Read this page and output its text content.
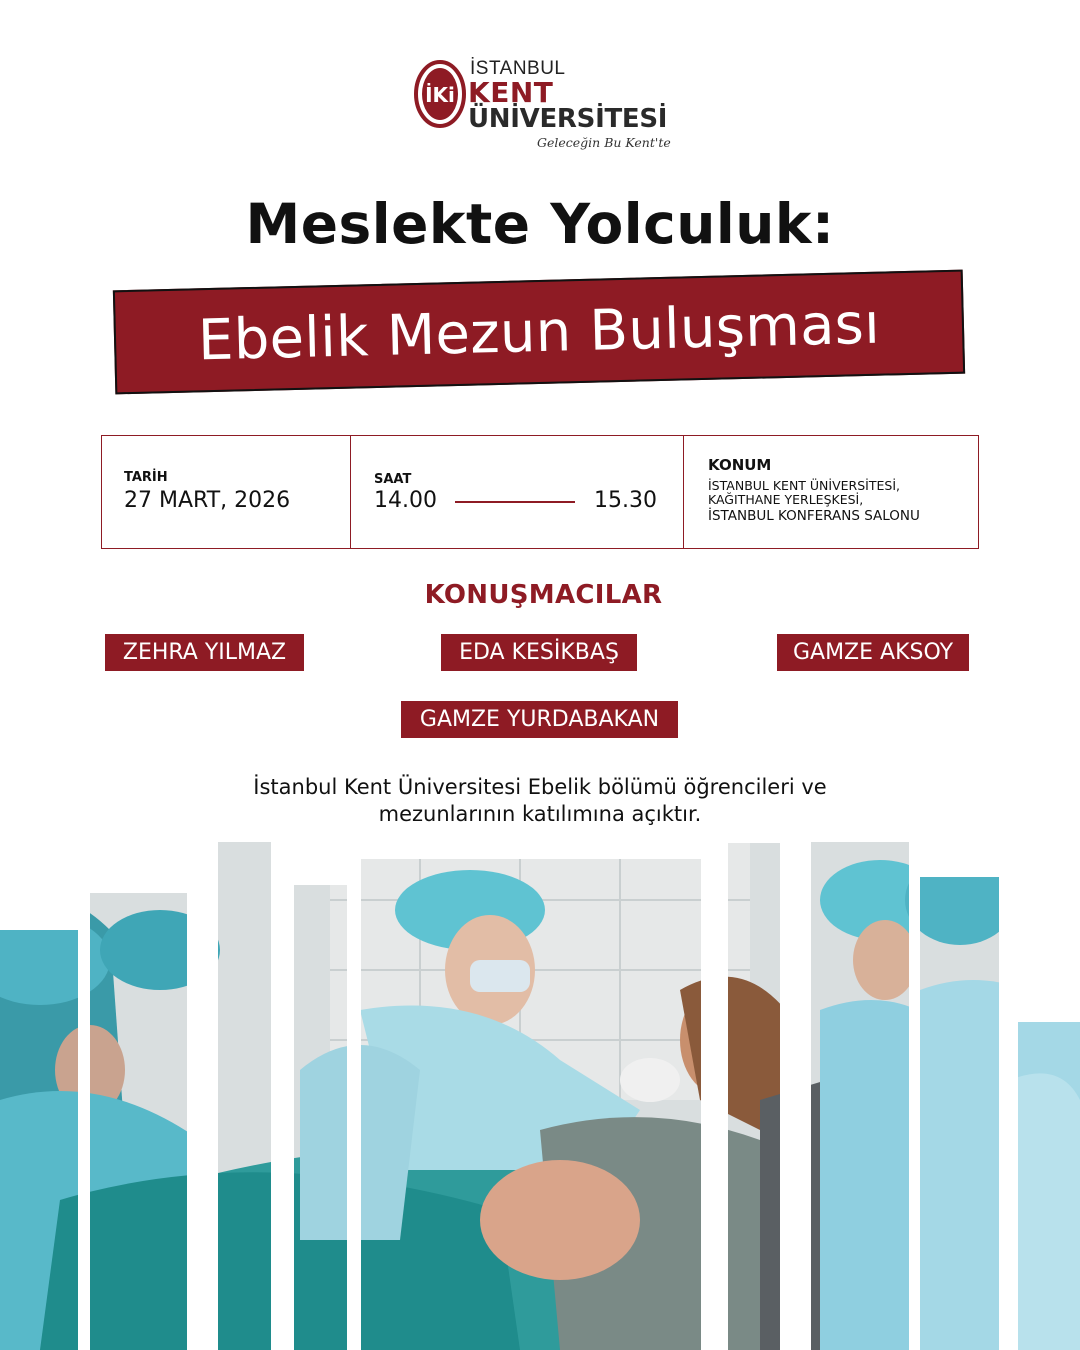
İKi
İSTANBUL
KENT
ÜNİVERSİTESİ
Geleceğin Bu Kent'te
Meslekte Yolculuk:
Ebelik Mezun Buluşması
TARİH
27 MART, 2026
SAAT
14.00	15.30
KONUM
İSTANBUL KENT ÜNİVERSİTESİ,
KAĞITHANE YERLEŞKESİ,
İSTANBUL KONFERANS SALONU
KONUŞMACILAR
ZEHRA YILMAZ	EDA KESİKBAŞ	GAMZE AKSOY
GAMZE YURDABAKAN

İstanbul Kent Üniversitesi Ebelik bölümü öğrencileri ve
mezunlarının katılımına açıktır.
